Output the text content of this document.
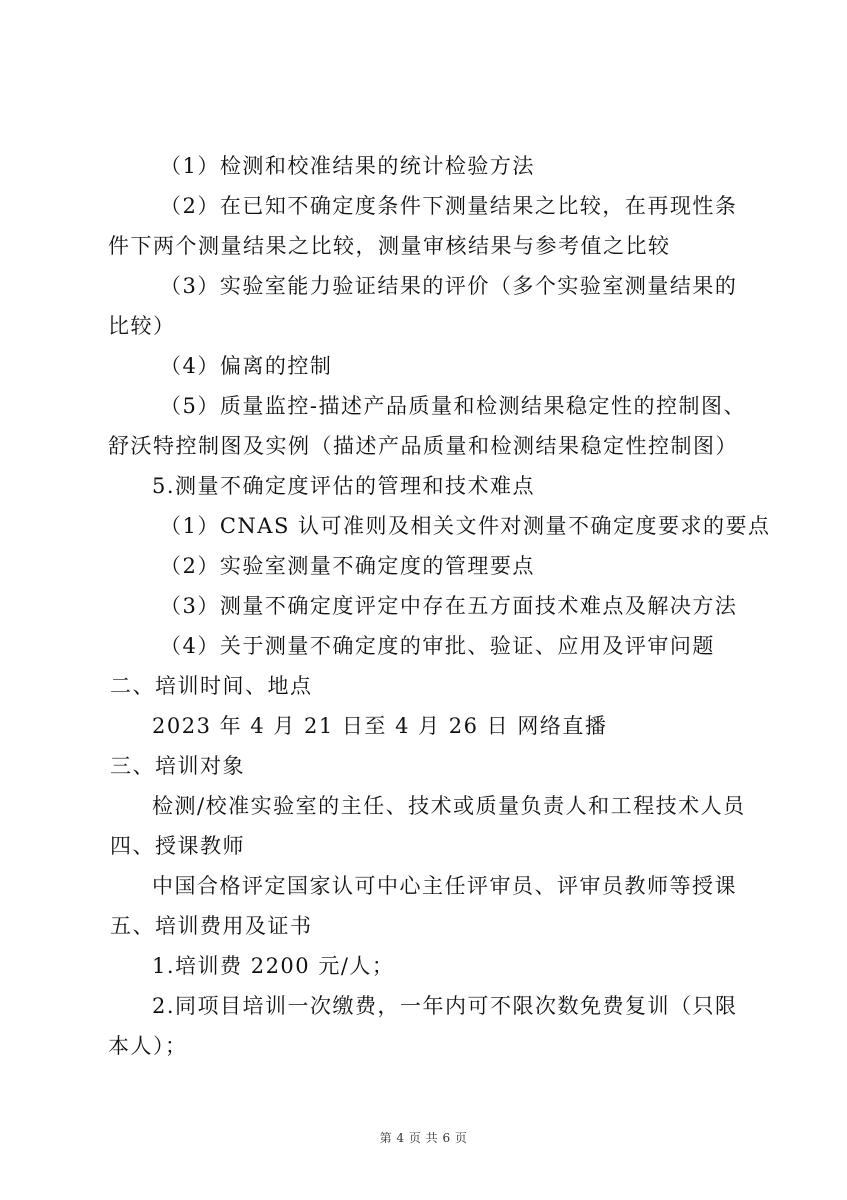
（1）检测和校准结果的统计检验方法
（2）在已知不确定度条件下测量结果之比较，在再现性条
件下两个测量结果之比较，测量审核结果与参考值之比较
（3）实验室能力验证结果的评价（多个实验室测量结果的
比较）
（4）偏离的控制
（5）质量监控-描述产品质量和检测结果稳定性的控制图、
舒沃特控制图及实例（描述产品质量和检测结果稳定性控制图）
5.测量不确定度评估的管理和技术难点
（1）CNAS 认可准则及相关文件对测量不确定度要求的要点
（2）实验室测量不确定度的管理要点
（3）测量不确定度评定中存在五方面技术难点及解决方法
（4）关于测量不确定度的审批、验证、应用及评审问题
二、培训时间、地点
2023 年 4 月 21 日至 4 月 26 日 网络直播
三、培训对象
检测/校准实验室的主任、技术或质量负责人和工程技术人员
四、授课教师
中国合格评定国家认可中心主任评审员、评审员教师等授课
五、培训费用及证书
1.培训费 2200 元/人；
2.同项目培训一次缴费，一年内可不限次数免费复训（只限
本人）；
第 4 页 共 6 页
